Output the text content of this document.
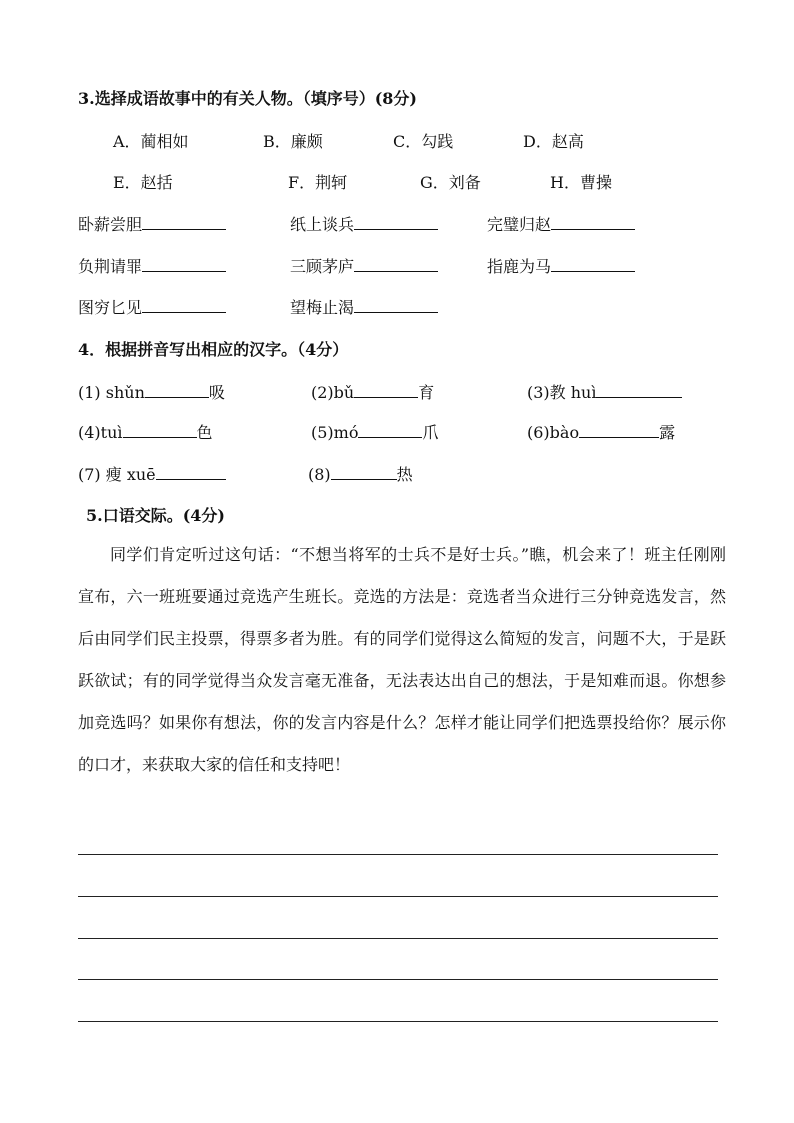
3.选择成语故事中的有关人物。（填序号）(8分)
A．蔺相如	B．廉颇	C．勾践	D．赵高
E．赵括	F．荆轲	G．刘备	H．曹操
卧薪尝胆	纸上谈兵	完璧归赵
负荆请罪	三顾茅庐	指鹿为马
图穷匕见	望梅止渴
4．根据拼音写出相应的汉字。（4分）
(1) shǔn	吸	(2)bǔ	育	(3)教 huì
(4)tuì	色	(5)mó	爪	(6)bào	露
(7) 瘦 xuē	(8)	热
5.口语交际。(4分)

同学们肯定听过这句话：“不想当将军的士兵不是好士兵。”瞧，机会来了！班主任刚刚宣布，六一班班要通过竞选产生班长。竞选的方法是：竞选者当众进行三分钟竞选发言，然后由同学们民主投票，得票多者为胜。有的同学们觉得这么简短的发言，问题不大，于是跃跃欲试；有的同学觉得当众发言毫无准备，无法表达出自己的想法，于是知难而退。你想参加竞选吗？如果你有想法，你的发言内容是什么？怎样才能让同学们把选票投给你？展示你的口才，来获取大家的信任和支持吧！
